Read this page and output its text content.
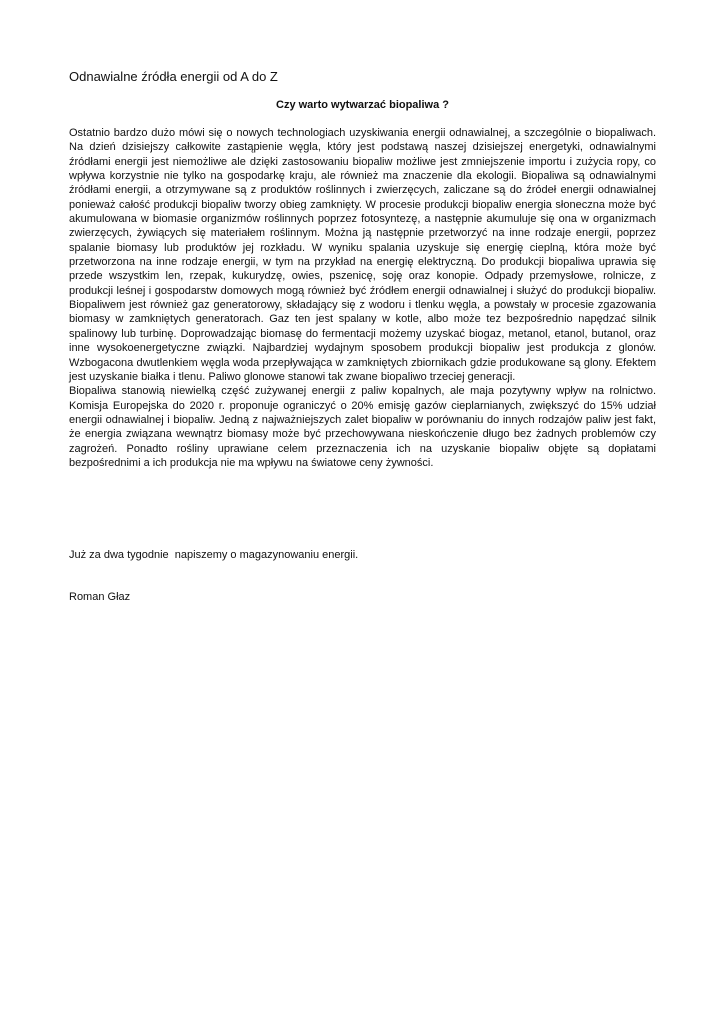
Odnawialne źródła energii od A do Z
Czy warto wytwarzać biopaliwa ?

Ostatnio bardzo dużo mówi się o nowych technologiach uzyskiwania energii odnawialnej, a szczególnie o biopaliwach. Na dzień dzisiejszy całkowite zastąpienie węgla, który jest podstawą naszej dzisiejszej energetyki, odnawialnymi źródłami energii jest niemożliwe ale dzięki zastosowaniu biopaliw możliwe jest zmniejszenie importu i zużycia ropy, co wpływa korzystnie nie tylko na gospodarkę kraju, ale również ma znaczenie dla ekologii. Biopaliwa są odnawialnymi źródłami energii, a otrzymywane są z produktów roślinnych i zwierzęcych, zaliczane są do źródeł energii odnawialnej ponieważ całość produkcji biopaliw tworzy obieg zamknięty. W procesie produkcji biopaliw energia słoneczna może być akumulowana w biomasie organizmów roślinnych poprzez fotosyntezę, a następnie akumuluje się ona w organizmach zwierzęcych, żywiących się materiałem roślinnym. Można ją następnie przetworzyć na inne rodzaje energii, poprzez spalanie biomasy lub produktów jej rozkładu. W wyniku spalania uzyskuje się energię cieplną, która może być przetworzona na inne rodzaje energii, w tym na przykład na energię elektryczną. Do produkcji biopaliwa uprawia się przede wszystkim len, rzepak, kukurydzę, owies, pszenicę, soję oraz konopie. Odpady przemysłowe, rolnicze, z produkcji leśnej i gospodarstw domowych mogą również być źródłem energii odnawialnej i służyć do produkcji biopaliw. Biopaliwem jest również gaz generatorowy, składający się z wodoru i tlenku węgla, a powstały w procesie zgazowania biomasy w zamkniętych generatorach. Gaz ten jest spalany w kotle, albo może tez bezpośrednio napędzać silnik spalinowy lub turbinę. Doprowadzając biomasę do fermentacji możemy uzyskać biogaz, metanol, etanol, butanol, oraz inne wysokoenergetyczne związki. Najbardziej wydajnym sposobem produkcji biopaliw jest produkcja z glonów. Wzbogacona dwutlenkiem węgla woda przepływająca w zamkniętych zbiornikach gdzie produkowane są glony. Efektem jest uzyskanie białka i tlenu. Paliwo glonowe stanowi tak zwane biopaliwo trzeciej generacji.

Biopaliwa stanowią niewielką część zużywanej energii z paliw kopalnych, ale maja pozytywny wpływ na rolnictwo. Komisja Europejska do 2020 r. proponuje ograniczyć o 20% emisję gazów cieplarnianych, zwiększyć do 15% udział energii odnawialnej i biopaliw. Jedną z najważniejszych zalet biopaliw w porównaniu do innych rodzajów paliw jest fakt, że energia związana wewnątrz biomasy może być przechowywana nieskończenie długo bez żadnych problemów czy zagrożeń. Ponadto rośliny uprawiane celem przeznaczenia ich na uzyskanie biopaliw objęte są dopłatami bezpośrednimi a ich produkcja nie ma wpływu na światowe ceny żywności.

Już za dwa tygodnie  napiszemy o magazynowaniu energii.

Roman Głaz
